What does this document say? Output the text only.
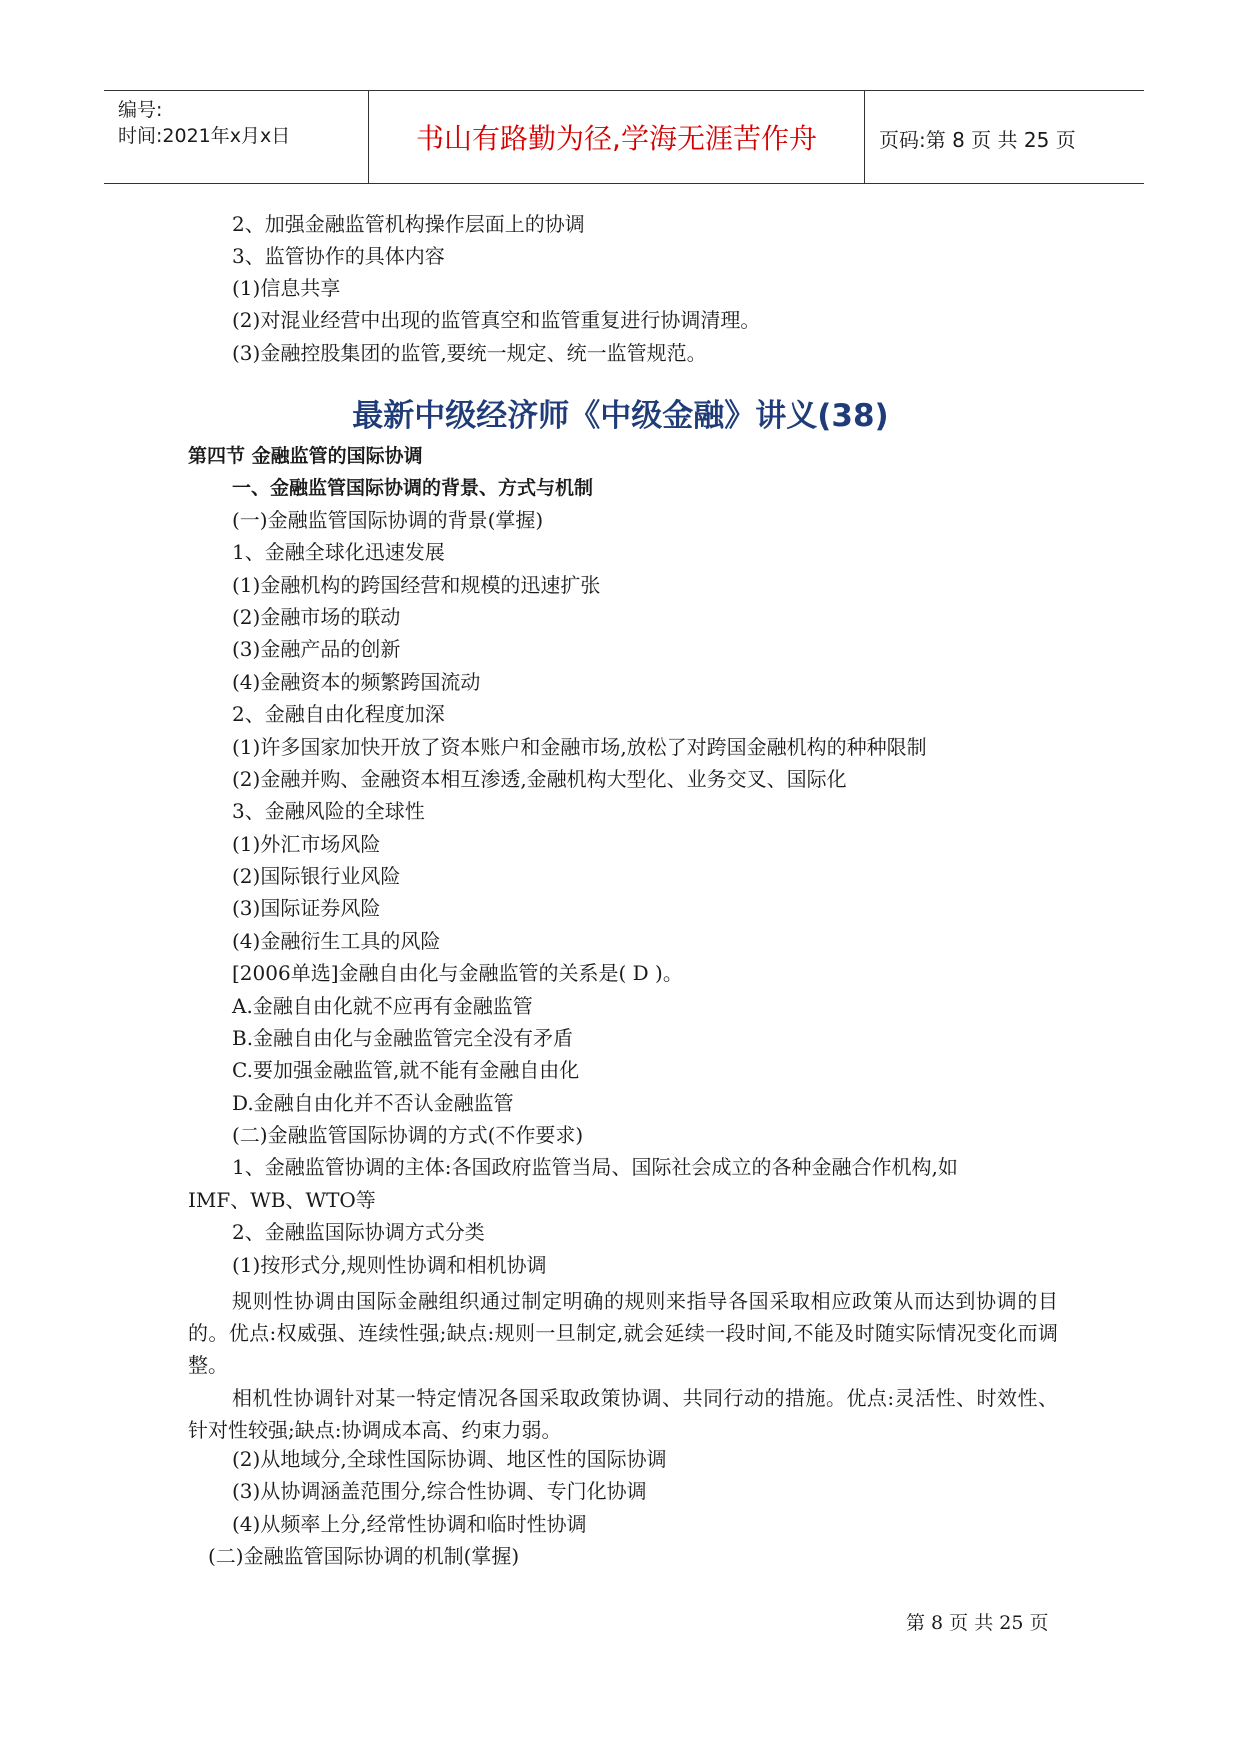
编号:
时间:2021年x月x日	书山有路勤为径,学海无涯苦作舟	页码:第 8 页 共 25 页
2、加强金融监管机构操作层面上的协调
3、监管协作的具体内容
(1)信息共享
(2)对混业经营中出现的监管真空和监管重复进行协调清理。
(3)金融控股集团的监管,要统一规定、统一监管规范。
最新中级经济师《中级金融》讲义(38)
第四节 金融监管的国际协调
一、金融监管国际协调的背景、方式与机制
(一)金融监管国际协调的背景(掌握)
1、金融全球化迅速发展
(1)金融机构的跨国经营和规模的迅速扩张
(2)金融市场的联动
(3)金融产品的创新
(4)金融资本的频繁跨国流动
2、金融自由化程度加深
(1)许多国家加快开放了资本账户和金融市场,放松了对跨国金融机构的种种限制
(2)金融并购、金融资本相互渗透,金融机构大型化、业务交叉、国际化
3、金融风险的全球性
(1)外汇市场风险
(2)国际银行业风险
(3)国际证券风险
(4)金融衍生工具的风险
[2006单选]金融自由化与金融监管的关系是( D )。
A.金融自由化就不应再有金融监管
B.金融自由化与金融监管完全没有矛盾
C.要加强金融监管,就不能有金融自由化
D.金融自由化并不否认金融监管
(二)金融监管国际协调的方式(不作要求)
1、金融监管协调的主体:各国政府监管当局、国际社会成立的各种金融合作机构,如
IMF、WB、WTO等
2、金融监国际协调方式分类
(1)按形式分,规则性协调和相机协调
规则性协调由国际金融组织通过制定明确的规则来指导各国采取相应政策从而达到协调的目的。优点:权威强、连续性强;缺点:规则一旦制定,就会延续一段时间,不能及时随实际情况变化而调整。
相机性协调针对某一特定情况各国采取政策协调、共同行动的措施。优点:灵活性、时效性、针对性较强;缺点:协调成本高、约束力弱。
(2)从地域分,全球性国际协调、地区性的国际协调
(3)从协调涵盖范围分,综合性协调、专门化协调
(4)从频率上分,经常性协调和临时性协调
(二)金融监管国际协调的机制(掌握)
第 8 页 共 25 页
